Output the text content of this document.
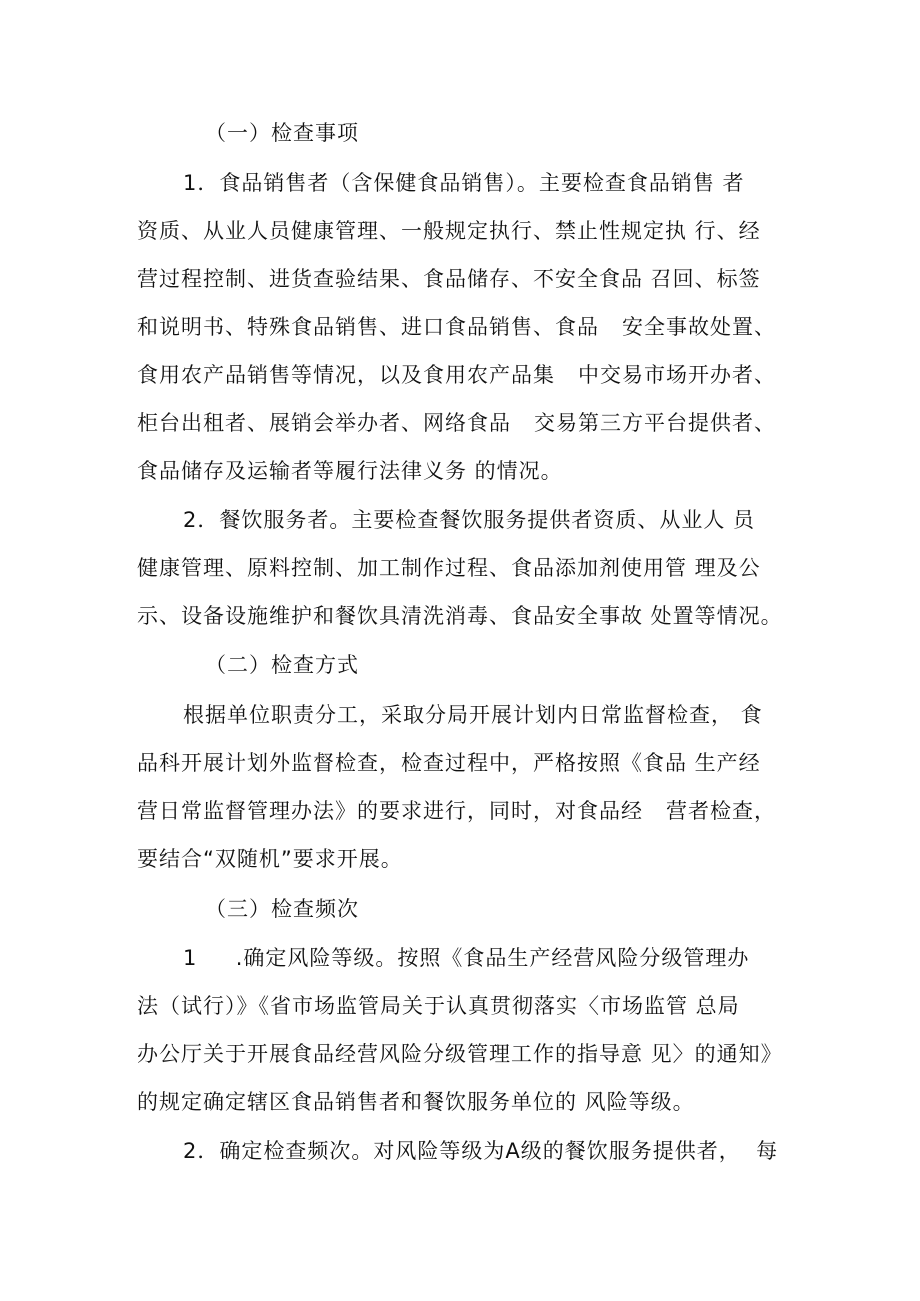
（一）检查事项
1．食品销售者（含保健食品销售）。主要检查食品销售 者
资质、从业人员健康管理、一般规定执行、禁止性规定执 行、经
营过程控制、进货查验结果、食品储存、不安全食品 召回、标签
和说明书、特殊食品销售、进口食品销售、食品   安全事故处置、
食用农产品销售等情况，以及食用农产品集   中交易市场开办者、
柜台出租者、展销会举办者、网络食品   交易第三方平台提供者、
食品储存及运输者等履行法律义务 的情况。
2．餐饮服务者。主要检查餐饮服务提供者资质、从业人 员
健康管理、原料控制、加工制作过程、食品添加剂使用管 理及公
示、设备设施维护和餐饮具清洗消毒、食品安全事故 处置等情况。
（二）检查方式
根据单位职责分工，采取分局开展计划内日常监督检查， 食
品科开展计划外监督检查，检查过程中，严格按照《食品 生产经
营日常监督管理办法》的要求进行，同时，对食品经   营者检查，
要结合“双随机”要求开展。
（三）检查频次
1     .确定风险等级。按照《食品生产经营风险分级管理办
法（试行）》《省市场监管局关于认真贯彻落实〈市场监管 总局
办公厅关于开展食品经营风险分级管理工作的指导意 见〉的通知》
的规定确定辖区食品销售者和餐饮服务单位的 风险等级。
2．确定检查频次。对风险等级为A级的餐饮服务提供者，  每
